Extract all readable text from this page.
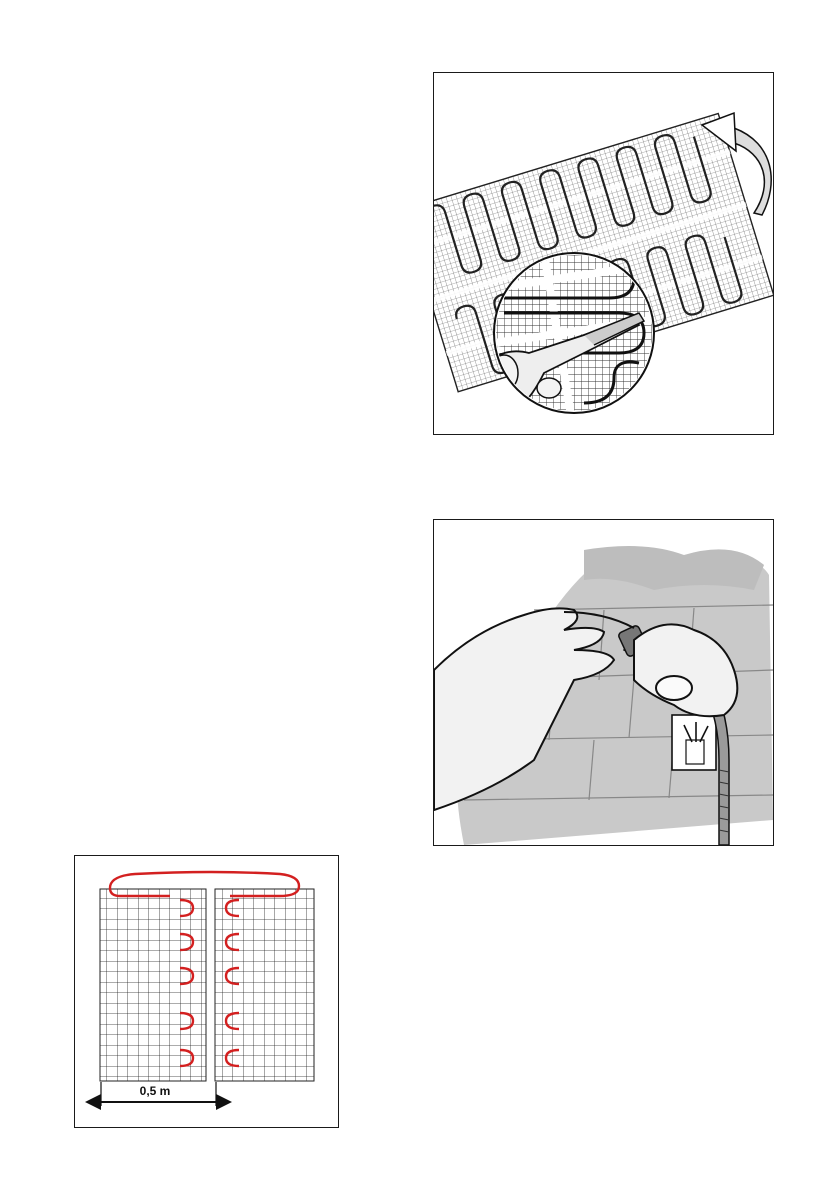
0,5 m
